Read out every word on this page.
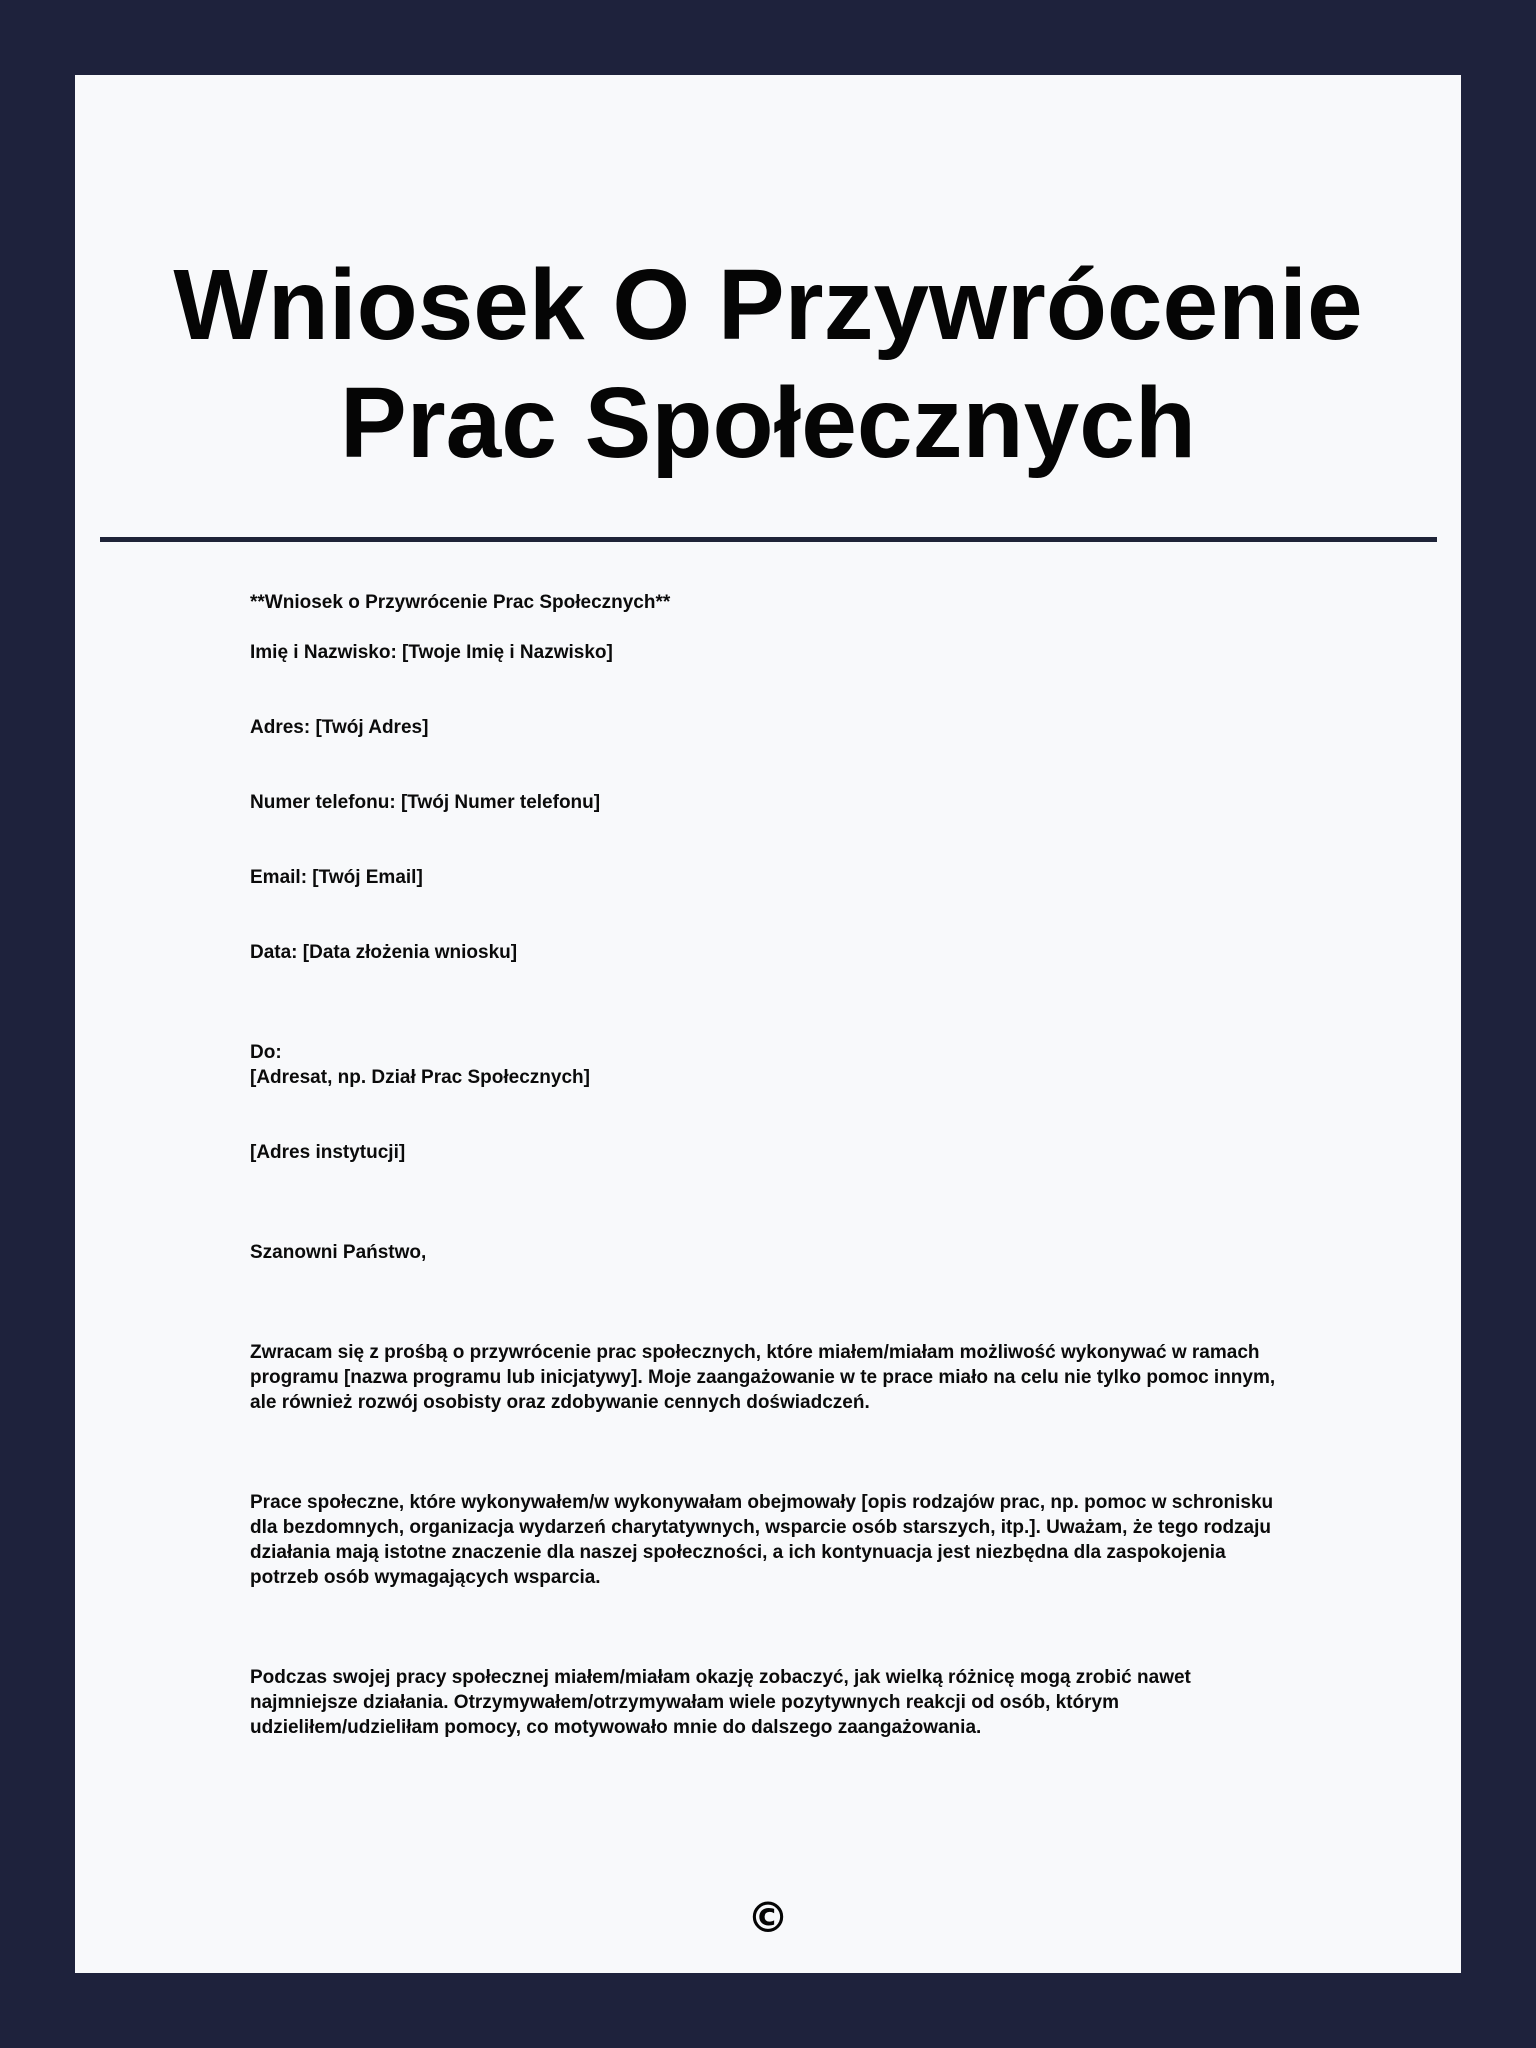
Wniosek O Przywrócenie
Prac Społecznych
**Wniosek o Przywrócenie Prac Społecznych**
Imię i Nazwisko: [Twoje Imię i Nazwisko]
Adres: [Twój Adres]
Numer telefonu: [Twój Numer telefonu]
Email: [Twój Email]
Data: [Data złożenia wniosku]
Do:
[Adresat, np. Dział Prac Społecznych]
[Adres instytucji]
Szanowni Państwo,
Zwracam się z prośbą o przywrócenie prac społecznych, które miałem/miałam możliwość wykonywać w ramach programu [nazwa programu lub inicjatywy]. Moje zaangażowanie w te prace miało na celu nie tylko pomoc innym, ale również rozwój osobisty oraz zdobywanie cennych doświadczeń.
Prace społeczne, które wykonywałem/w wykonywałam obejmowały [opis rodzajów prac, np. pomoc w schronisku dla bezdomnych, organizacja wydarzeń charytatywnych, wsparcie osób starszych, itp.]. Uważam, że tego rodzaju działania mają istotne znaczenie dla naszej społeczności, a ich kontynuacja jest niezbędna dla zaspokojenia potrzeb osób wymagających wsparcia.
Podczas swojej pracy społecznej miałem/miałam okazję zobaczyć, jak wielką różnicę mogą zrobić nawet najmniejsze działania. Otrzymywałem/otrzymywałam wiele pozytywnych reakcji od osób, którym udzieliłem/udzieliłam pomocy, co motywowało mnie do dalszego zaangażowania.
©
